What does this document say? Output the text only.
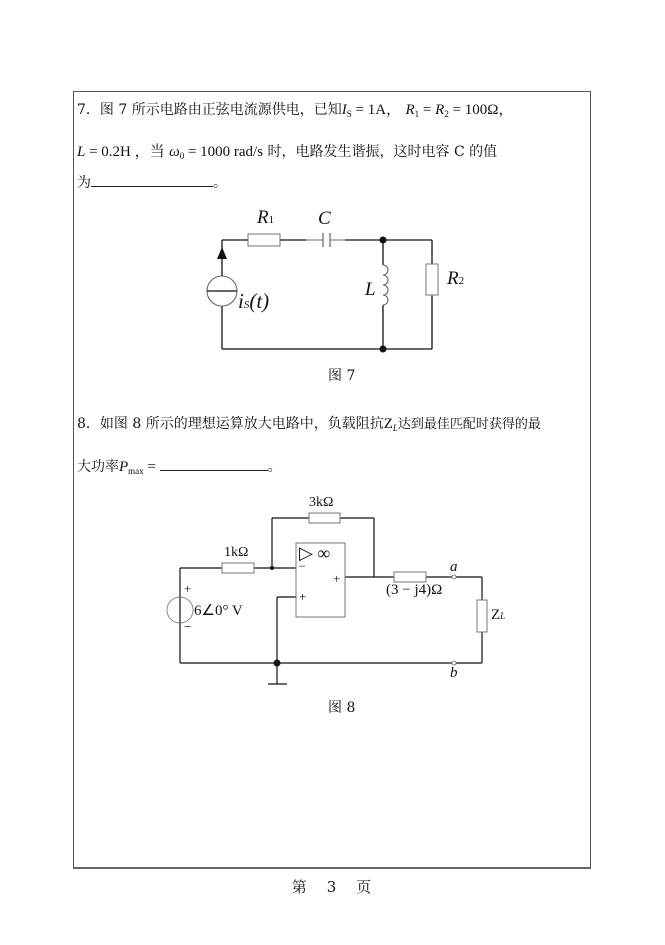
7．图 7 所示电路由正弦电流源供电，已知$I_S = 1A$， $R_1 = R_2 = 100\Omega$，
L = 0.2H ，当 $\omega_0 = 1000$ rad/s 时，电路发生谐振，这时电容 C 的值
为	。
R1 C
L
R2
iS(t)
图 7
8．如图 8 所示的理想运算放大电路中，负载阻抗$Z_L$达到最佳匹配时获得的最
大功率$P_{max}$ =	。
3kΩ
1kΩ	▷ ∞
−
+
+
+
6∠0° V
−
(3 − j4)Ω
a
b
ZL
图 8
第 3 页
